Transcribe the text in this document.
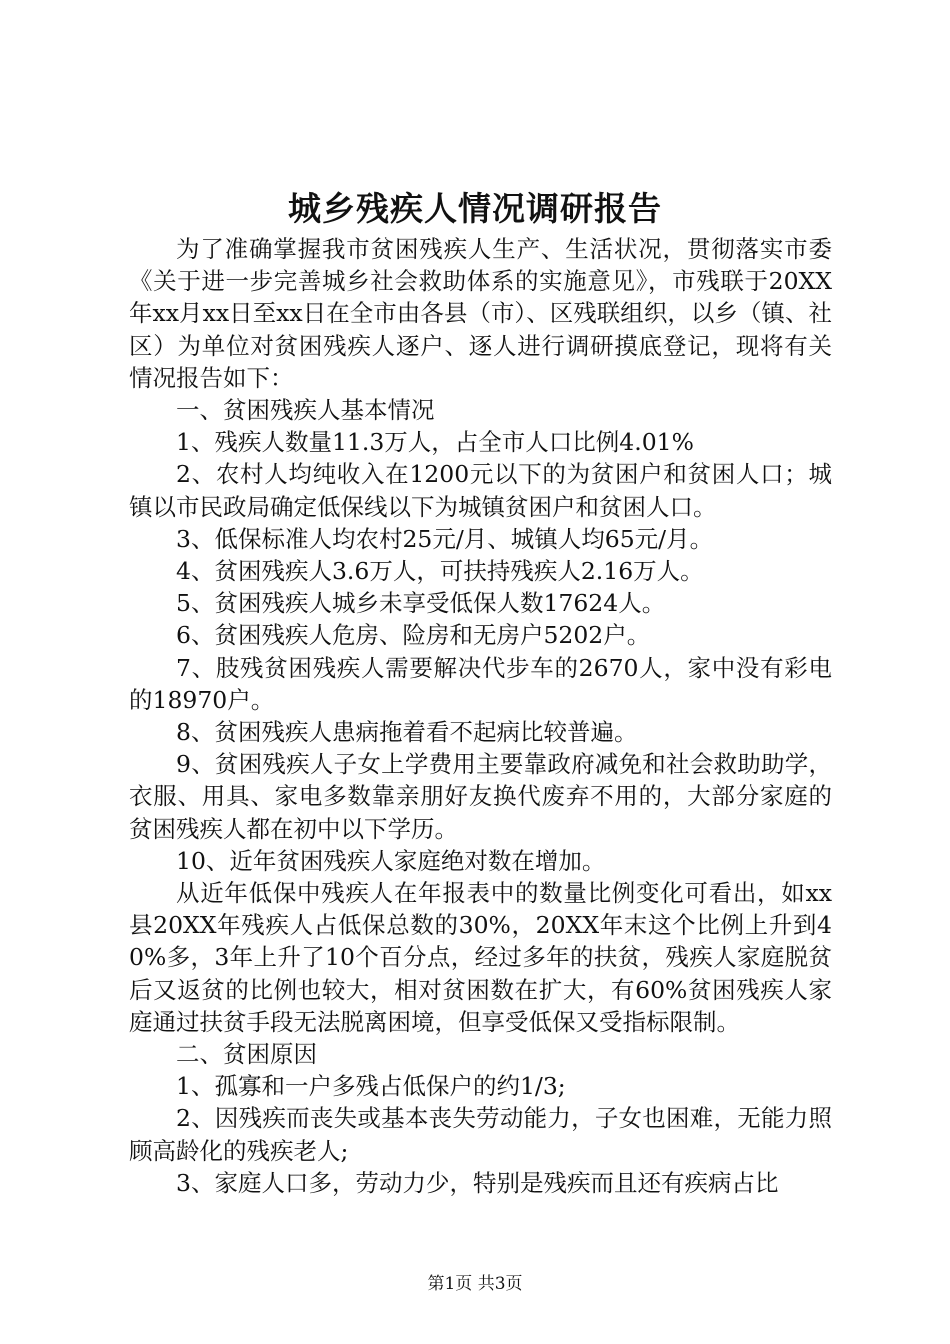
城乡残疾人情况调研报告

为了准确掌握我市贫困残疾人生产、生活状况，贯彻落实市委《关于进一步完善城乡社会救助体系的实施意见》，市残联于20XX年xx月xx日至xx日在全市由各县（市）、区残联组织，以乡（镇、社区）为单位对贫困残疾人逐户、逐人进行调研摸底登记，现将有关情况报告如下：

一、贫困残疾人基本情况

1、残疾人数量11.3万人，占全市人口比例4.01%

2、农村人均纯收入在1200元以下的为贫困户和贫困人口；城镇以市民政局确定低保线以下为城镇贫困户和贫困人口。

3、低保标准人均农村25元/月、城镇人均65元/月。

4、贫困残疾人3.6万人，可扶持残疾人2.16万人。

5、贫困残疾人城乡未享受低保人数17624人。

6、贫困残疾人危房、险房和无房户5202户。

7、肢残贫困残疾人需要解决代步车的2670人，家中没有彩电的18970户。

8、贫困残疾人患病拖着看不起病比较普遍。

9、贫困残疾人子女上学费用主要靠政府减免和社会救助助学，衣服、用具、家电多数靠亲朋好友换代废弃不用的，大部分家庭的贫困残疾人都在初中以下学历。

10、近年贫困残疾人家庭绝对数在增加。

从近年低保中残疾人在年报表中的数量比例变化可看出，如xx县20XX年残疾人占低保总数的30%，20XX年末这个比例上升到40%多，3年上升了10个百分点，经过多年的扶贫，残疾人家庭脱贫后又返贫的比例也较大，相对贫困数在扩大，有60%贫困残疾人家庭通过扶贫手段无法脱离困境，但享受低保又受指标限制。

二、贫困原因

1、孤寡和一户多残占低保户的约1/3;

2、因残疾而丧失或基本丧失劳动能力，子女也困难，无能力照顾高龄化的残疾老人;

3、家庭人口多，劳动力少，特别是残疾而且还有疾病占比

第1页 共3页
